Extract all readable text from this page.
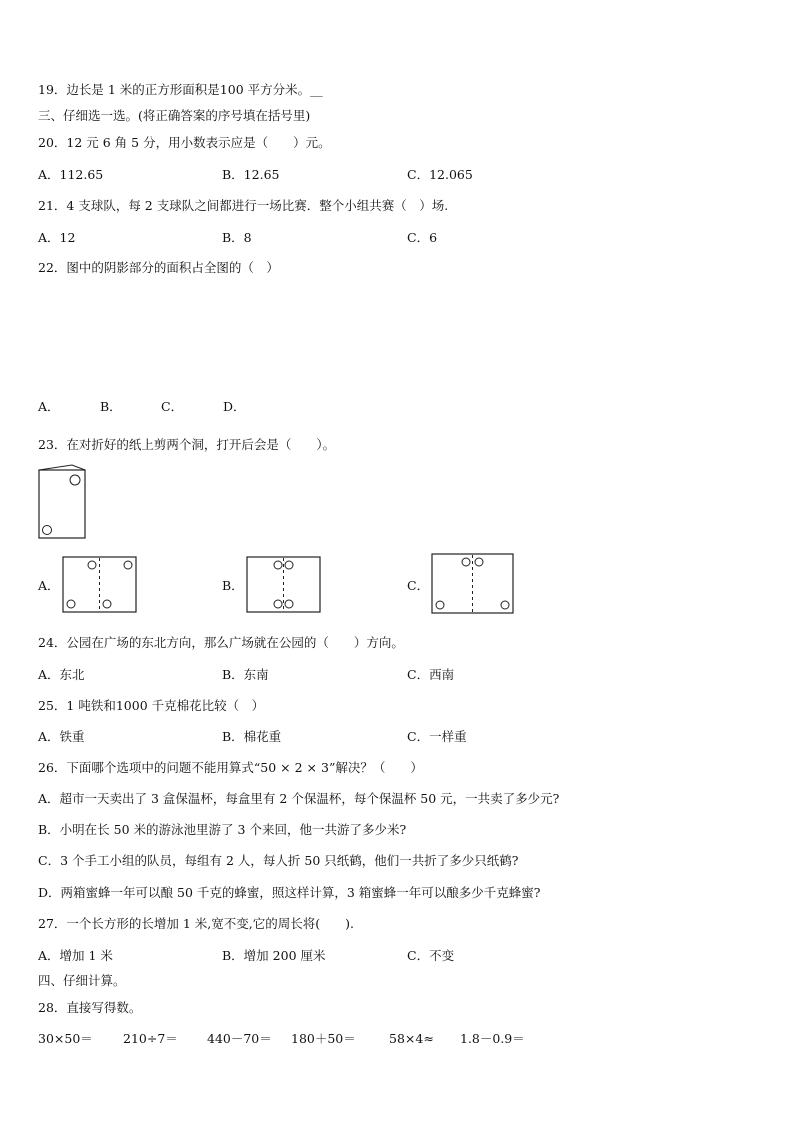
19．边长是 1 米的正方形面积是100 平方分米。__
三、仔细选一选。(将正确答案的序号填在括号里)
20．12 元 6 角 5 分，用小数表示应是（　　）元。
A．112.65	B．12.65	C．12.065
21．4 支球队，每 2 支球队之间都进行一场比赛．整个小组共赛（　）场.
A．12	B．8	C．6
22．图中的阴影部分的面积占全图的（　）
A．	B．	C．	D．
23．在对折好的纸上剪两个洞，打开后会是（　　）。
A．	B．	C．
24．公园在广场的东北方向，那么广场就在公园的（　　）方向。
A．东北	B．东南	C．西南
25．1 吨铁和1000 千克棉花比较（　）
A．铁重	B．棉花重	C．一样重
26．下面哪个选项中的问题不能用算式“50 × 2 × 3”解决？（　　）
A．超市一天卖出了 3 盒保温杯，每盒里有 2 个保温杯，每个保温杯 50 元，一共卖了多少元?
B．小明在长 50 米的游泳池里游了 3 个来回，他一共游了多少米?
C．3 个手工小组的队员，每组有 2 人，每人折 50 只纸鹤，他们一共折了多少只纸鹤?
D．两箱蜜蜂一年可以酿 50 千克的蜂蜜，照这样计算，3 箱蜜蜂一年可以酿多少千克蜂蜜?
27．一个长方形的长增加 1 米,宽不变,它的周长将(　　).
A．增加 1 米	B．增加 200 厘米	C．不变
四、仔细计算。
28．直接写得数。
30×50＝ 210÷7＝ 440－70＝ 180＋50＝	58×4≈ 1.8－0.9＝
